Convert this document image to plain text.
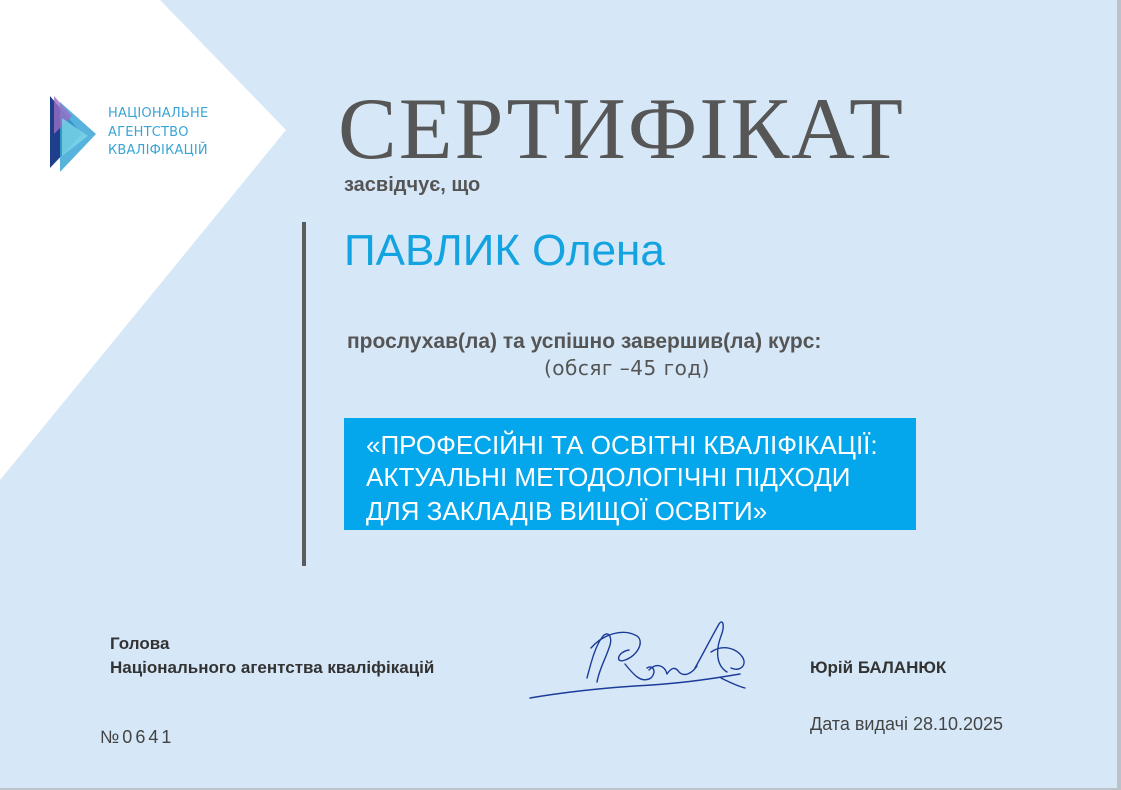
НАЦІОНАЛЬНЕ
АГЕНТСТВО
КВАЛІФІКАЦІЙ СЕРТИФІКАТ
засвідчує, що
ПАВЛИК Олена
прослухав(ла) та успішно завершив(ла) курс:
(обсяг –45 год)
«ПРОФЕСІЙНІ ТА ОСВІТНІ КВАЛІФІКАЦІЇ:
АКТУАЛЬНІ МЕТОДОЛОГІЧНІ ПІДХОДИ
ДЛЯ ЗАКЛАДІВ ВИЩОЇ ОСВІТИ»
Голова
Національного агентства кваліфікацій	Юрій БАЛАНЮК
Дата видачі 28.10.2025
№0641
